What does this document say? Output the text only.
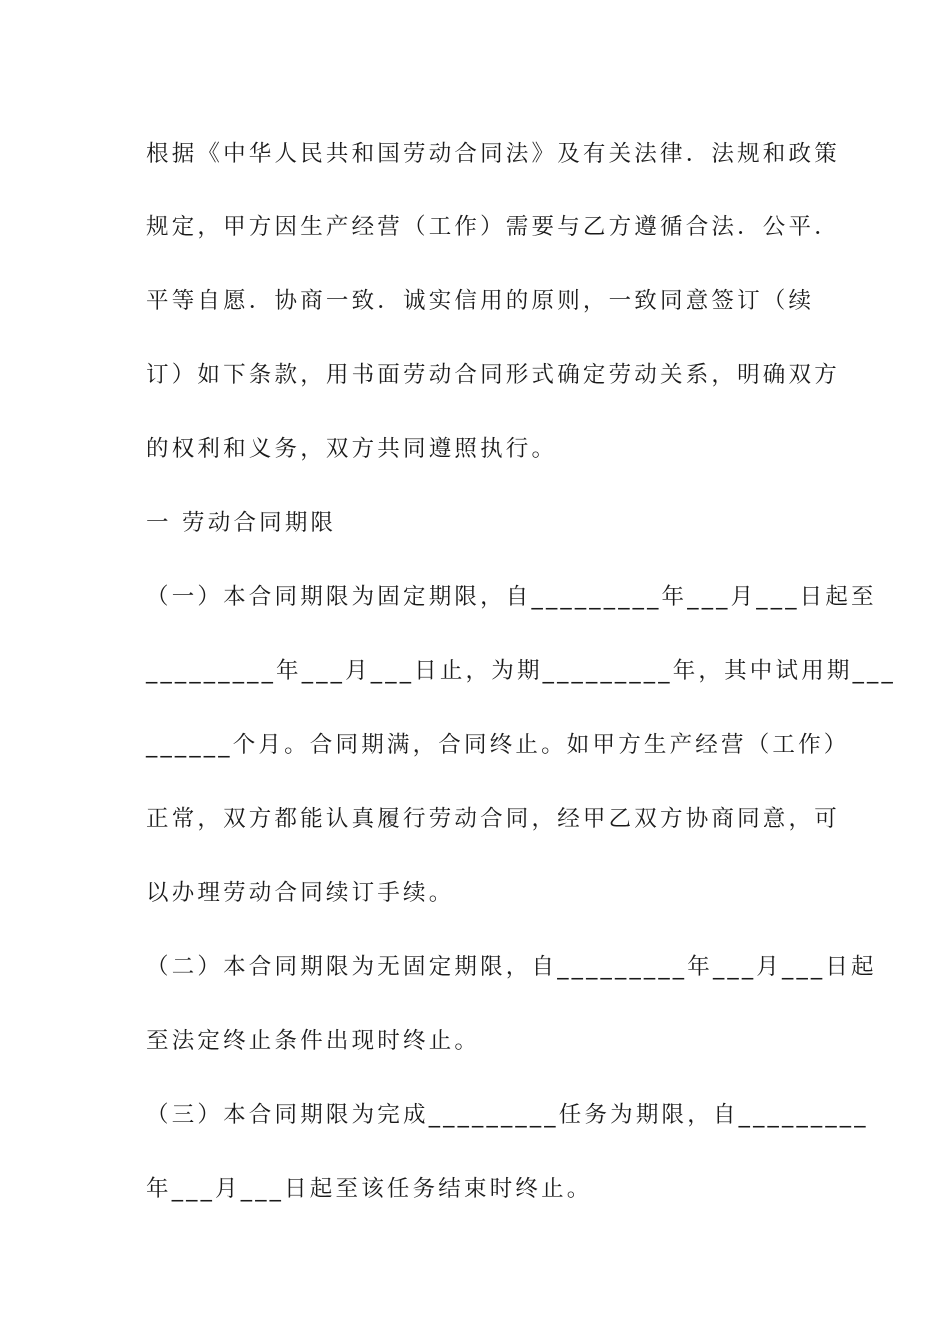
根据《中华人民共和国劳动合同法》及有关法律．法规和政策
规定，甲方因生产经营（工作）需要与乙方遵循合法．公平．
平等自愿．协商一致．诚实信用的原则，一致同意签订（续
订）如下条款，用书面劳动合同形式确定劳动关系，明确双方
的权利和义务，双方共同遵照执行。
一 劳动合同期限
（一）本合同期限为固定期限，自_________年___月___日起至
_________年___月___日止，为期_________年，其中试用期___
______个月。合同期满，合同终止。如甲方生产经营（工作）
正常，双方都能认真履行劳动合同，经甲乙双方协商同意，可
以办理劳动合同续订手续。
（二）本合同期限为无固定期限，自_________年___月___日起
至法定终止条件出现时终止。
（三）本合同期限为完成_________任务为期限，自_________
年___月___日起至该任务结束时终止。
